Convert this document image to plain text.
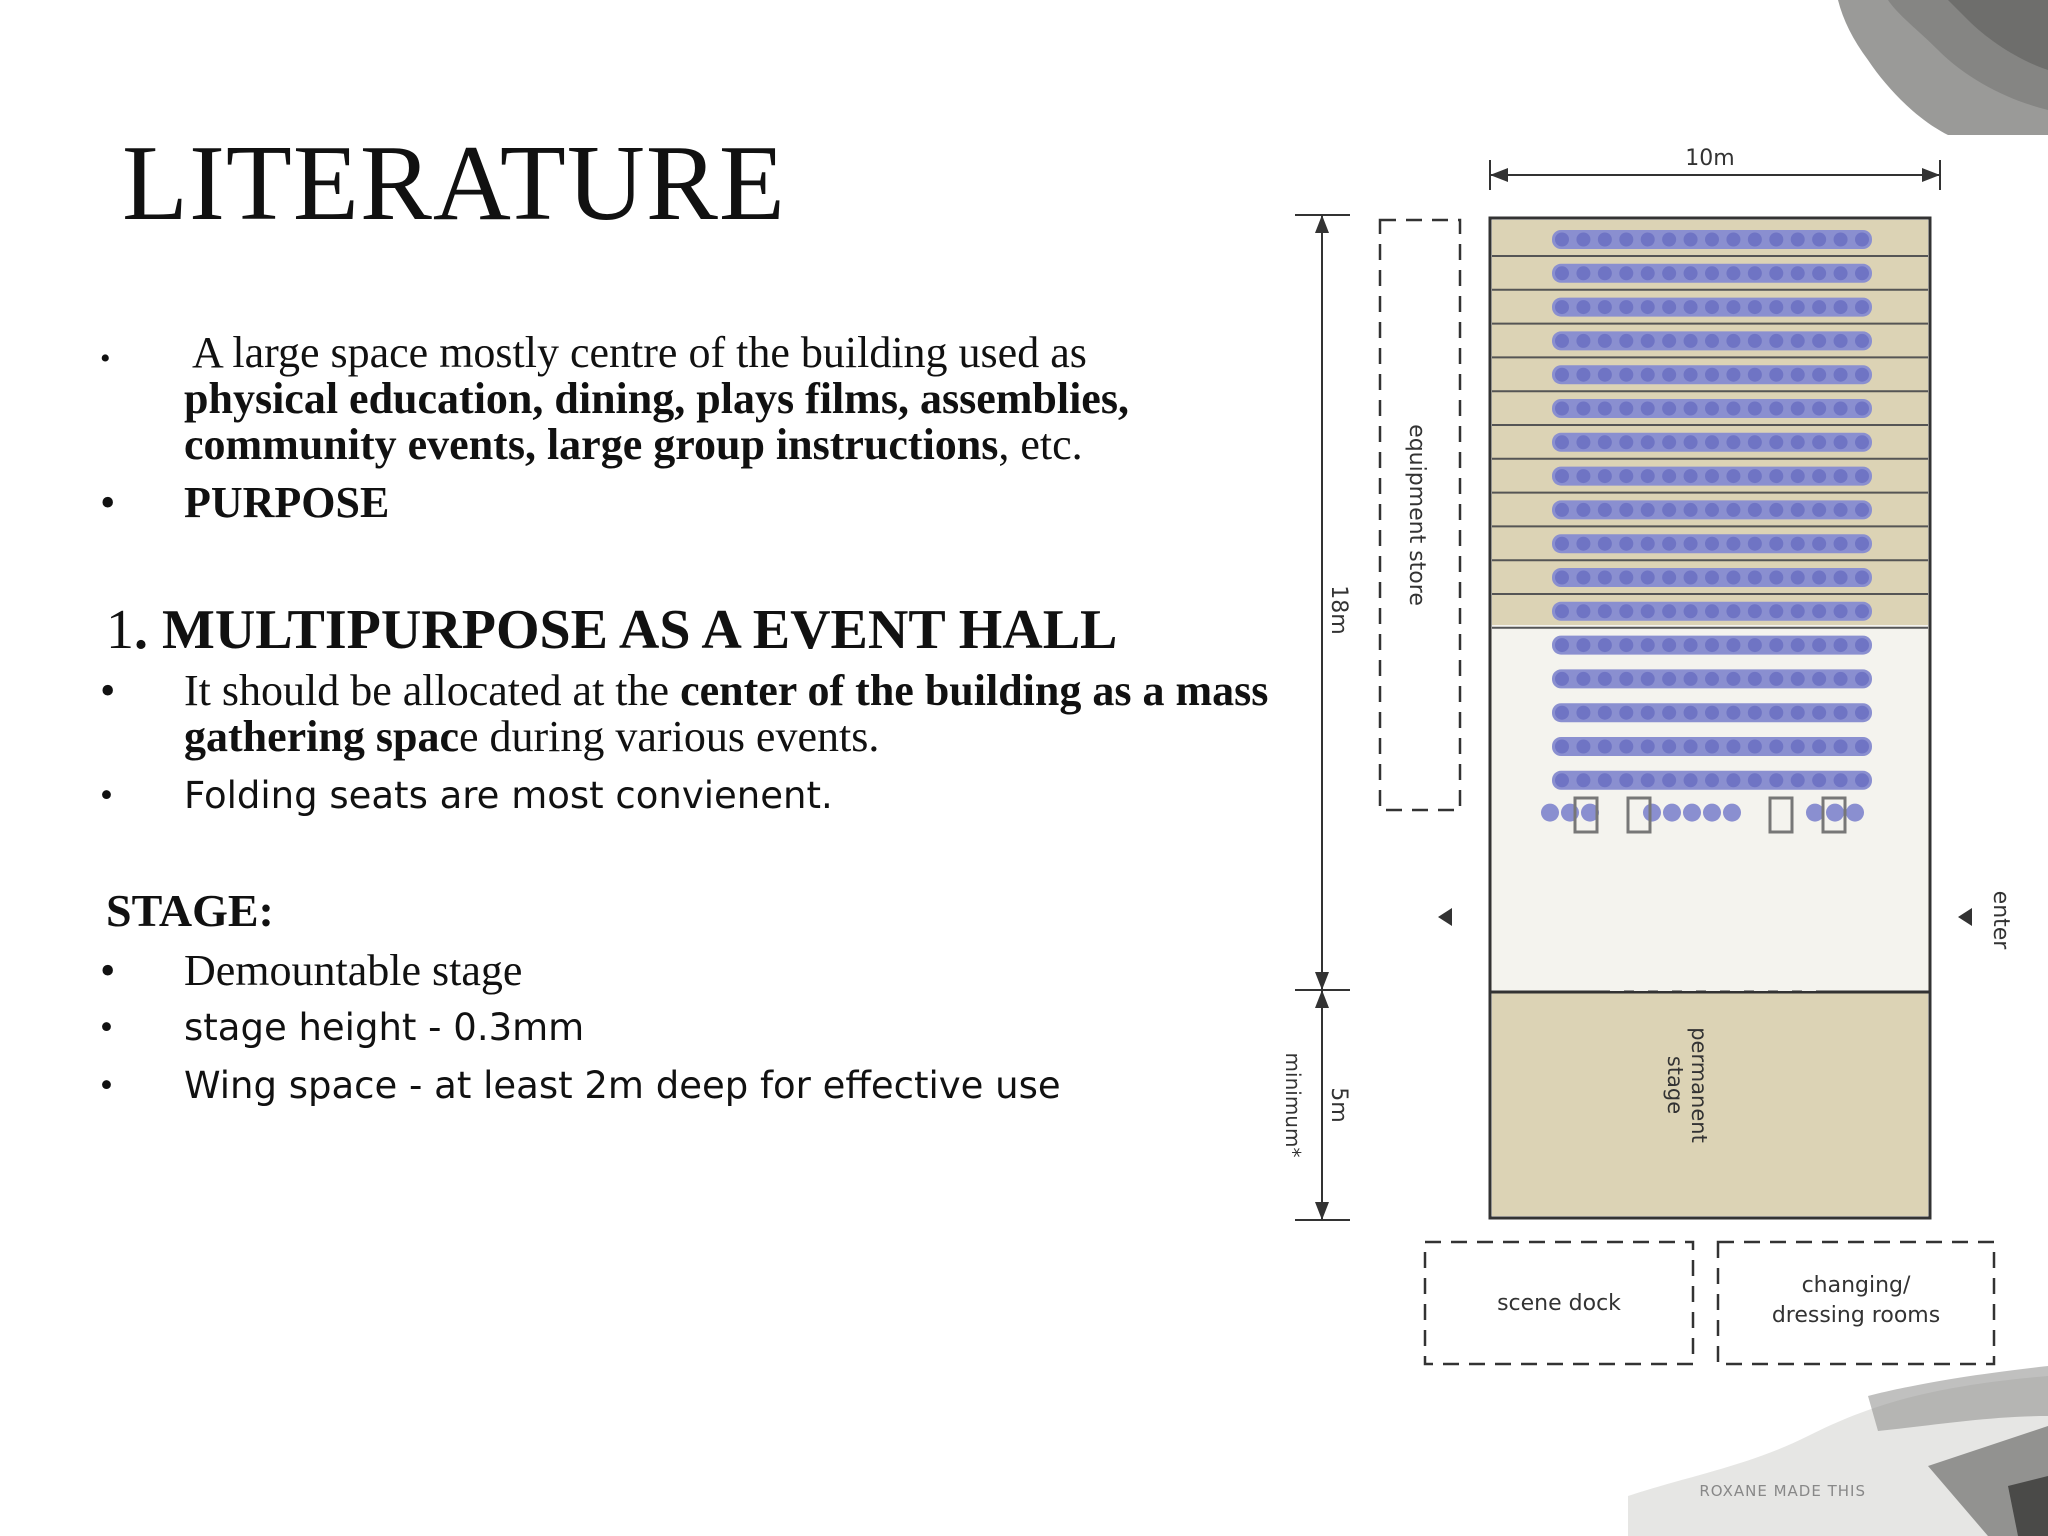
LITERATURE
• A large space mostly centre of the building used as
physical education, dining, plays films, assemblies, community events, large group instructions, etc.
• PURPOSE
1. MULTIPURPOSE AS A EVENT HALL
• It should be allocated at the center of the building as a mass gathering space during various events.
• Folding seats are most convienent.
STAGE:
• Demountable stage
• stage height - 0.3mm
• Wing space - at least 2m deep for effective use
10m
18m
5m
minimum*
equipment store
enter
permanent
stage
scene dock
changing/
dressing rooms
ROXANE MADE THIS
